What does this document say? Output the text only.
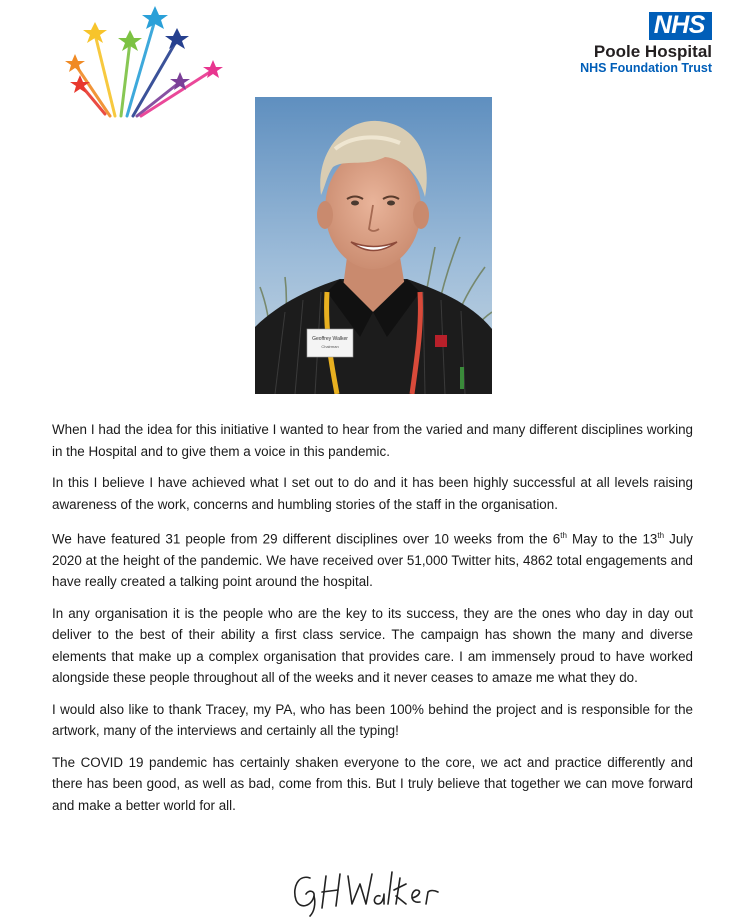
NHS
Poole Hospital
NHS Foundation Trust
Geoffrey Walker
Chairman

When I had the idea for this initiative I wanted to hear from the varied and many different disciplines working in the Hospital and to give them a voice in this pandemic.

In this I believe I have achieved what I set out to do and it has been highly successful at all levels raising awareness of the work, concerns and humbling stories of the staff in the organisation.

We have featured 31 people from 29 different disciplines over 10 weeks from the 6th May to the 13th July 2020 at the height of the pandemic. We have received over 51,000 Twitter hits, 4862 total engagements and have really created a talking point around the hospital.

In any organisation it is the people who are the key to its success, they are the ones who day in day out deliver to the best of their ability a first class service. The campaign has shown the many and diverse elements that make up a complex organisation that provides care. I am immensely proud to have worked alongside these people throughout all of the weeks and it never ceases to amaze me what they do.

I would also like to thank Tracey, my PA, who has been 100% behind the project and is responsible for the artwork, many of the interviews and certainly all the typing!

The COVID 19 pandemic has certainly shaken everyone to the core, we act and practice differently and there has been good, as well as bad, come from this. But I truly believe that together we can move forward and make a better world for all.
